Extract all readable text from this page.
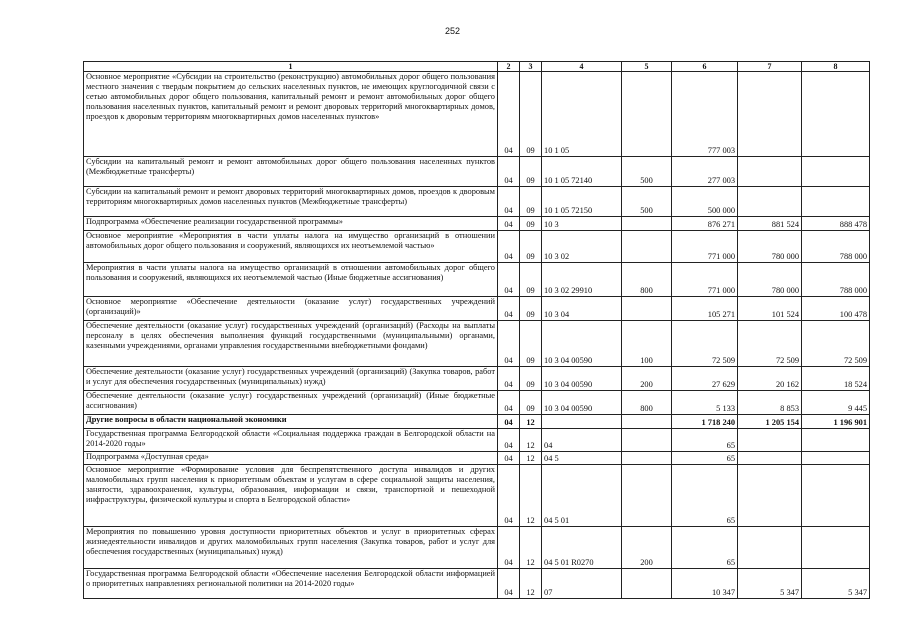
252
1	2	3	4	5	6	7	8
Основное мероприятие «Субсидии на строительство (реконструкцию) автомобильных дорог общего пользования местного значения с твердым покрытием до сельских населенных пунктов, не имеющих круглогодичной связи с сетью автомобильных дорог общего пользования, капитальный ремонт и ремонт автомобильных дорог общего пользования населенных пунктов, капитальный ремонт и ремонт дворовых территорий многоквартирных домов, проездов к дворовым территориям многоквартирных домов населенных пунктов»	04	09	10 1 05		777 003		
Субсидии на капитальный ремонт и ремонт автомобильных дорог общего пользования населенных пунктов (Межбюджетные трансферты)	04	09	10 1 05 72140	500	277 003		
Субсидии на капитальный ремонт и ремонт дворовых территорий многоквартирных домов, проездов к дворовым территориям многоквартирных домов населенных пунктов (Межбюджетные трансферты)	04	09	10 1 05 72150	500	500 000		
Подпрограмма «Обеспечение реализации государственной программы»	04	09	10 3		876 271	881 524	888 478
Основное мероприятие «Мероприятия в части уплаты налога на имущество организаций в отношении автомобильных дорог общего пользования и сооружений, являющихся их неотъемлемой частью»	04	09	10 3 02		771 000	780 000	788 000
Мероприятия в части уплаты налога на имущество организаций в отношении автомобильных дорог общего пользования и сооружений, являющихся их неотъемлемой частью (Иные бюджетные ассигнования)	04	09	10 3 02 29910	800	771 000	780 000	788 000
Основное мероприятие «Обеспечение деятельности (оказание услуг) государственных учреждений (организаций)»	04	09	10 3 04		105 271	101 524	100 478
Обеспечение деятельности (оказание услуг) государственных учреждений (организаций) (Расходы на выплаты персоналу в целях обеспечения выполнения функций государственными (муниципальными) органами, казенными учреждениями, органами управления государственными внебюджетными фондами)	04	09	10 3 04 00590	100	72 509	72 509	72 509
Обеспечение деятельности (оказание услуг) государственных учреждений (организаций) (Закупка товаров, работ и услуг для обеспечения государственных (муниципальных) нужд)	04	09	10 3 04 00590	200	27 629	20 162	18 524
Обеспечение деятельности (оказание услуг) государственных учреждений (организаций) (Иные бюджетные ассигнования)	04	09	10 3 04 00590	800	5 133	8 853	9 445
Другие вопросы в области национальной экономики	04	12			1 718 240	1 205 154	1 196 901
Государственная программа Белгородской области «Социальная поддержка граждан в Белгородской области на 2014-2020 годы»	04	12	04		65		
Подпрограмма «Доступная среда»	04	12	04 5		65		
Основное мероприятие «Формирование условия для беспрепятственного доступа инвалидов и других маломобильных групп населения к приоритетным объектам и услугам в сфере социальной защиты населения, занятости, здравоохранения, культуры, образования, информации и связи, транспортной и пешеходной инфраструктуры, физической культуры и спорта в Белгородской области»	04	12	04 5 01		65		
Мероприятия по повышению уровня доступности приоритетных объектов и услуг в приоритетных сферах жизнедеятельности инвалидов и других маломобильных групп населения (Закупка товаров, работ и услуг для обеспечения государственных (муниципальных) нужд)	04	12	04 5 01 R0270	200	65		
Государственная программа Белгородской области «Обеспечение населения Белгородской области информацией о приоритетных направлениях региональной политики на 2014-2020 годы»	04	12	07		10 347	5 347	5 347
